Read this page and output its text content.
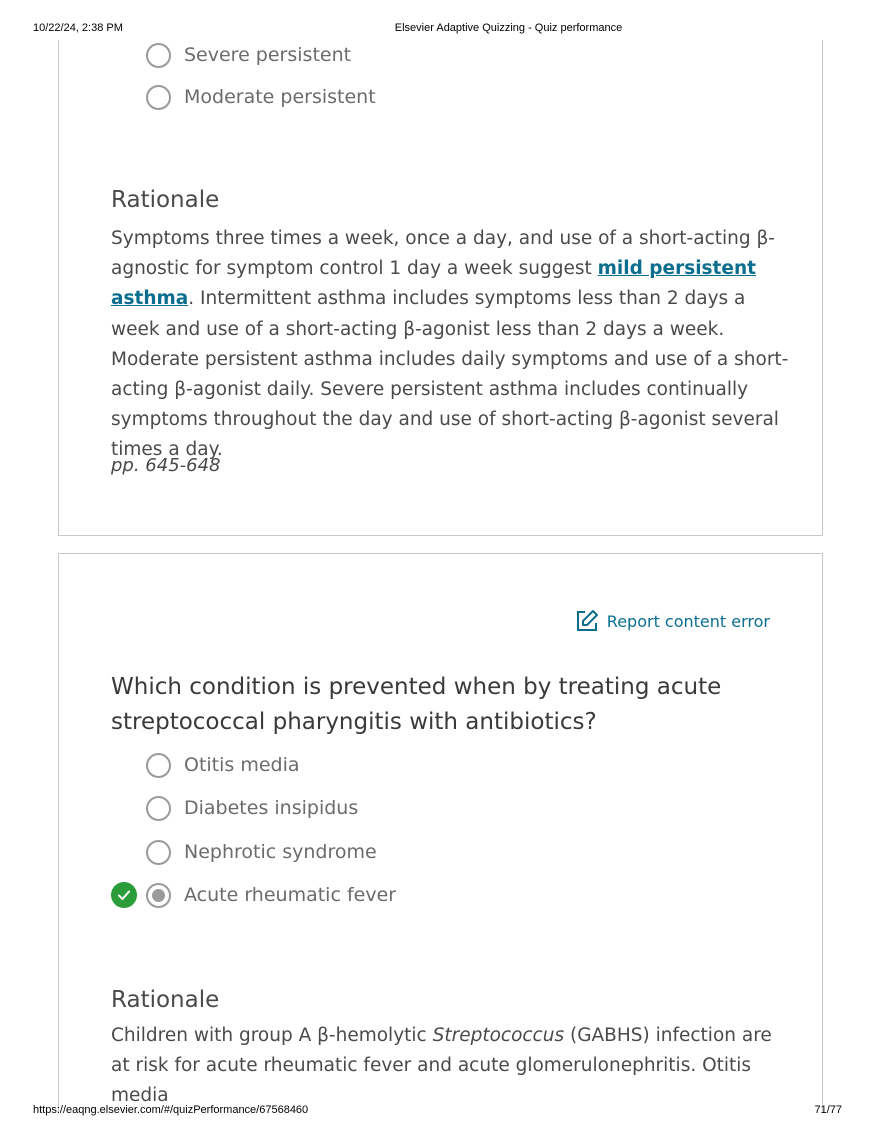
10/22/24, 2:38 PM	Elsevier Adaptive Quizzing - Quiz performance
Severe persistent
Moderate persistent
Rationale
Symptoms three times a week, once a day, and use of a short-acting β-agnostic for symptom control 1 day a week suggest mild persistent asthma. Intermittent asthma includes symptoms less than 2 days a week and use of a short-acting β-agonist less than 2 days a week. Moderate persistent asthma includes daily symptoms and use of a short-acting β-agonist daily. Severe persistent asthma includes continually symptoms throughout the day and use of short-acting β-agonist several times a day.
pp. 645-648
Report content error
Which condition is prevented when by treating acute streptococcal pharyngitis with antibiotics?
Otitis media
Diabetes insipidus
Nephrotic syndrome
Acute rheumatic fever
Rationale
Children with group A β-hemolytic Streptococcus (GABHS) infection are at risk for acute rheumatic fever and acute glomerulonephritis. Otitis media
https://eaqng.elsevier.com/#/quizPerformance/67568460	71/77
